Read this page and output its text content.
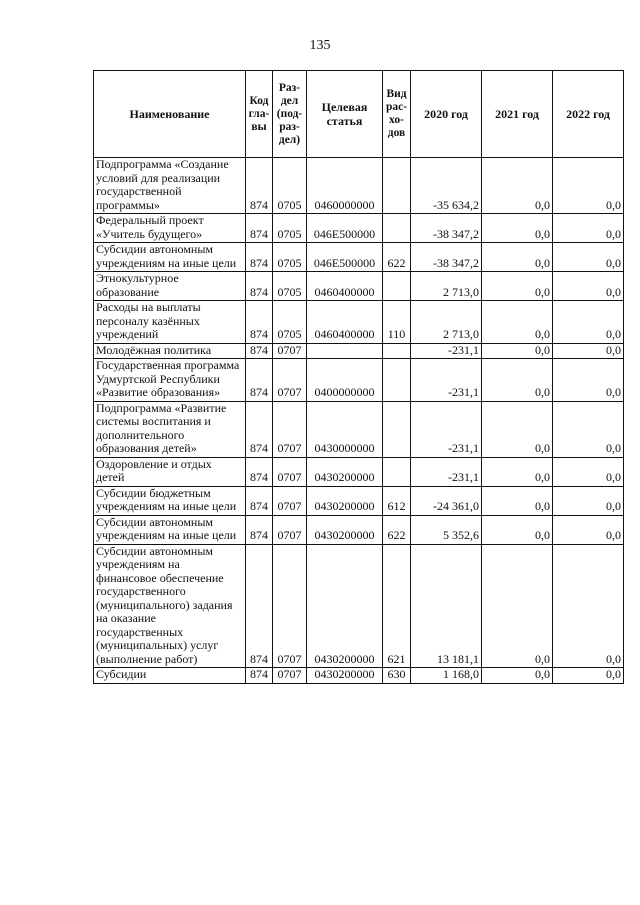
135
Наименование	Код гла-вы	Раз-дел (под-раз-дел)	Целевая статья	Вид рас-хо-дов	2020 год	2021 год	2022 год
Подпрограмма «Создание условий для реализации государственной программы»	874	0705	0460000000		-35 634,2	0,0	0,0
Федеральный проект «Учитель будущего»	874	0705	046E500000		-38 347,2	0,0	0,0
Субсидии автономным учреждениям на иные цели	874	0705	046E500000	622	-38 347,2	0,0	0,0
Этнокультурное образование	874	0705	0460400000		2 713,0	0,0	0,0
Расходы на выплаты персоналу казённых учреждений	874	0705	0460400000	110	2 713,0	0,0	0,0
Молодёжная политика	874	0707			-231,1	0,0	0,0
Государственная программа Удмуртской Республики «Развитие образования»	874	0707	0400000000		-231,1	0,0	0,0
Подпрограмма «Развитие системы воспитания и дополнительного образования детей»	874	0707	0430000000		-231,1	0,0	0,0
Оздоровление и отдых детей	874	0707	0430200000		-231,1	0,0	0,0
Субсидии бюджетным учреждениям на иные цели	874	0707	0430200000	612	-24 361,0	0,0	0,0
Субсидии автономным учреждениям на иные цели	874	0707	0430200000	622	5 352,6	0,0	0,0
Субсидии автономным учреждениям на финансовое обеспечение государственного (муниципального) задания на оказание государственных (муниципальных) услуг (выполнение работ)	874	0707	0430200000	621	13 181,1	0,0	0,0
Субсидии	874	0707	0430200000	630	1 168,0	0,0	0,0
